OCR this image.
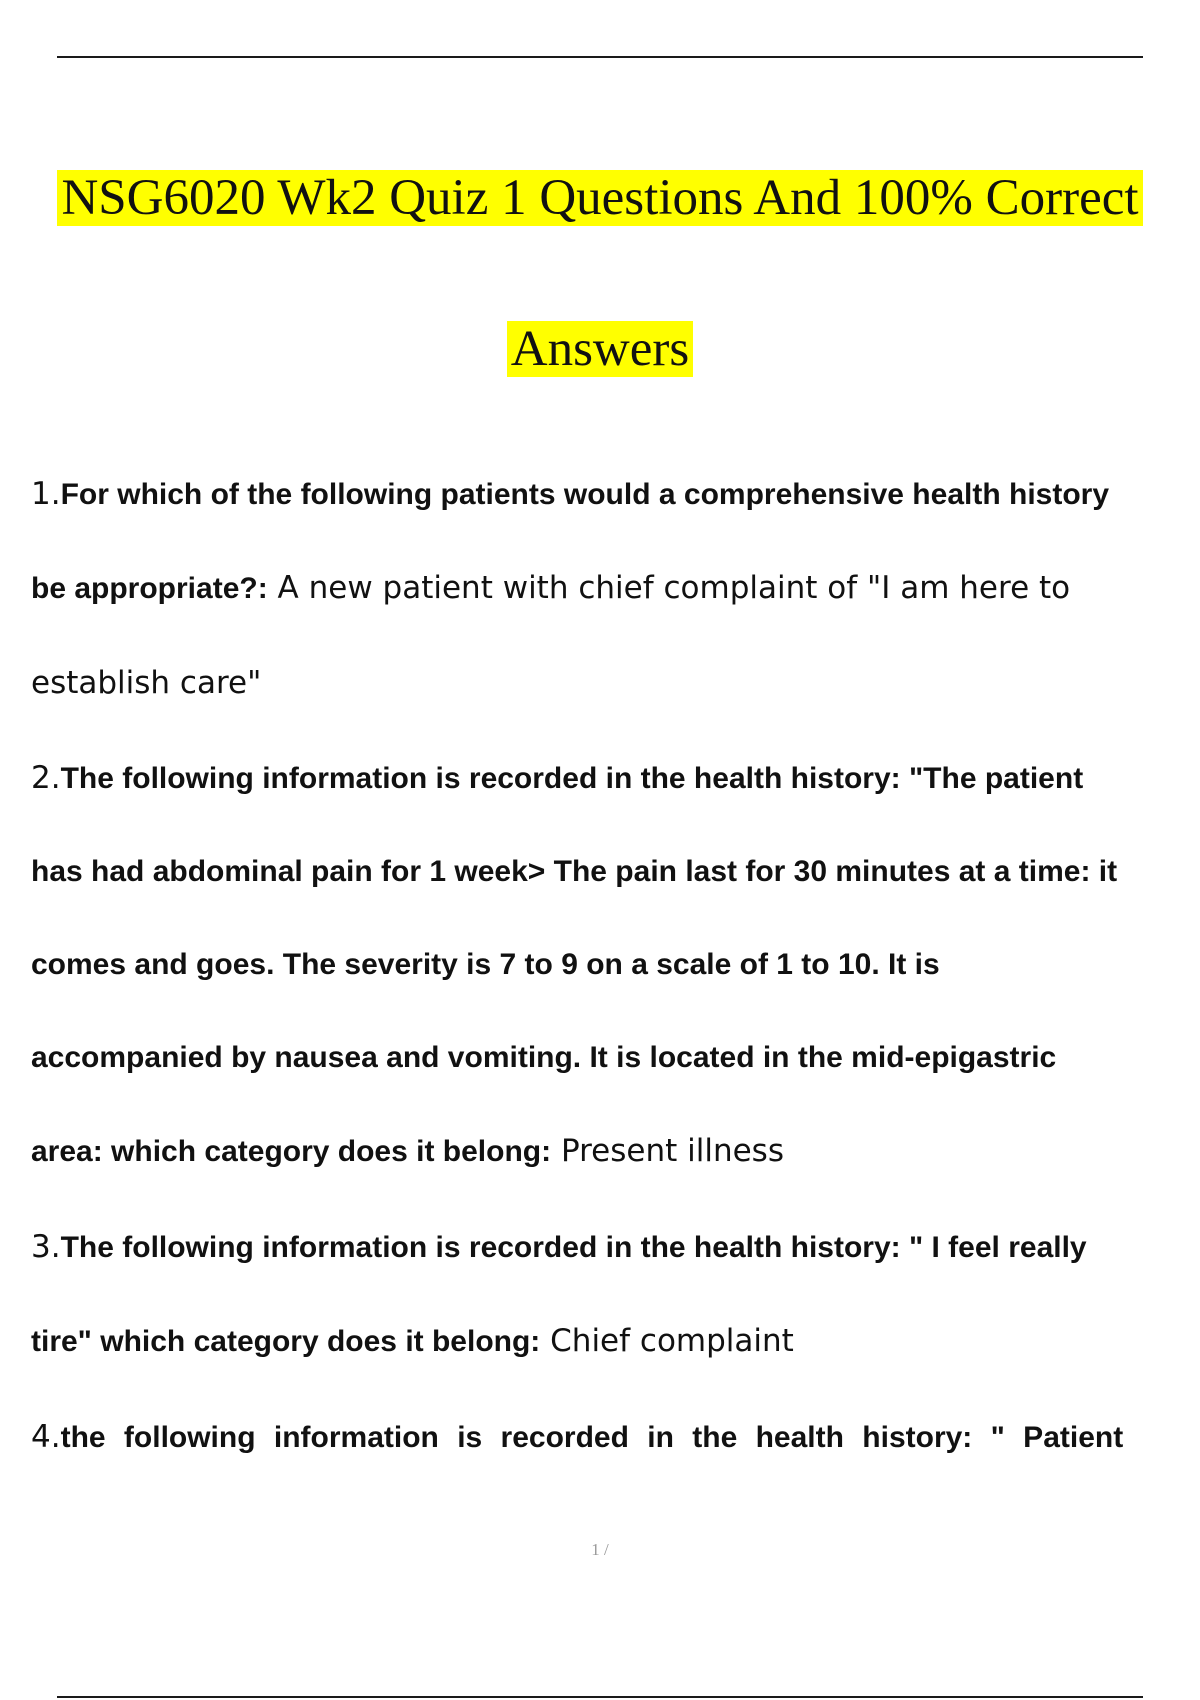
NSG6020 Wk2 Quiz 1 Questions And 100% Correct
Answers
1.For which of the following patients would a comprehensive health history
be appropriate?: A new patient with chief complaint of "I am here to
establish care"
2.The following information is recorded in the health history: "The patient
has had abdominal pain for 1 week> The pain last for 30 minutes at a time: it
comes and goes. The severity is 7 to 9 on a scale of 1 to 10. It is
accompanied by nausea and vomiting. It is located in the mid-epigastric
area: which category does it belong: Present illness
3.The following information is recorded in the health history: " I feel really
tire" which category does it belong: Chief complaint
4.the following information is recorded in the health history: " Patient
1 /
